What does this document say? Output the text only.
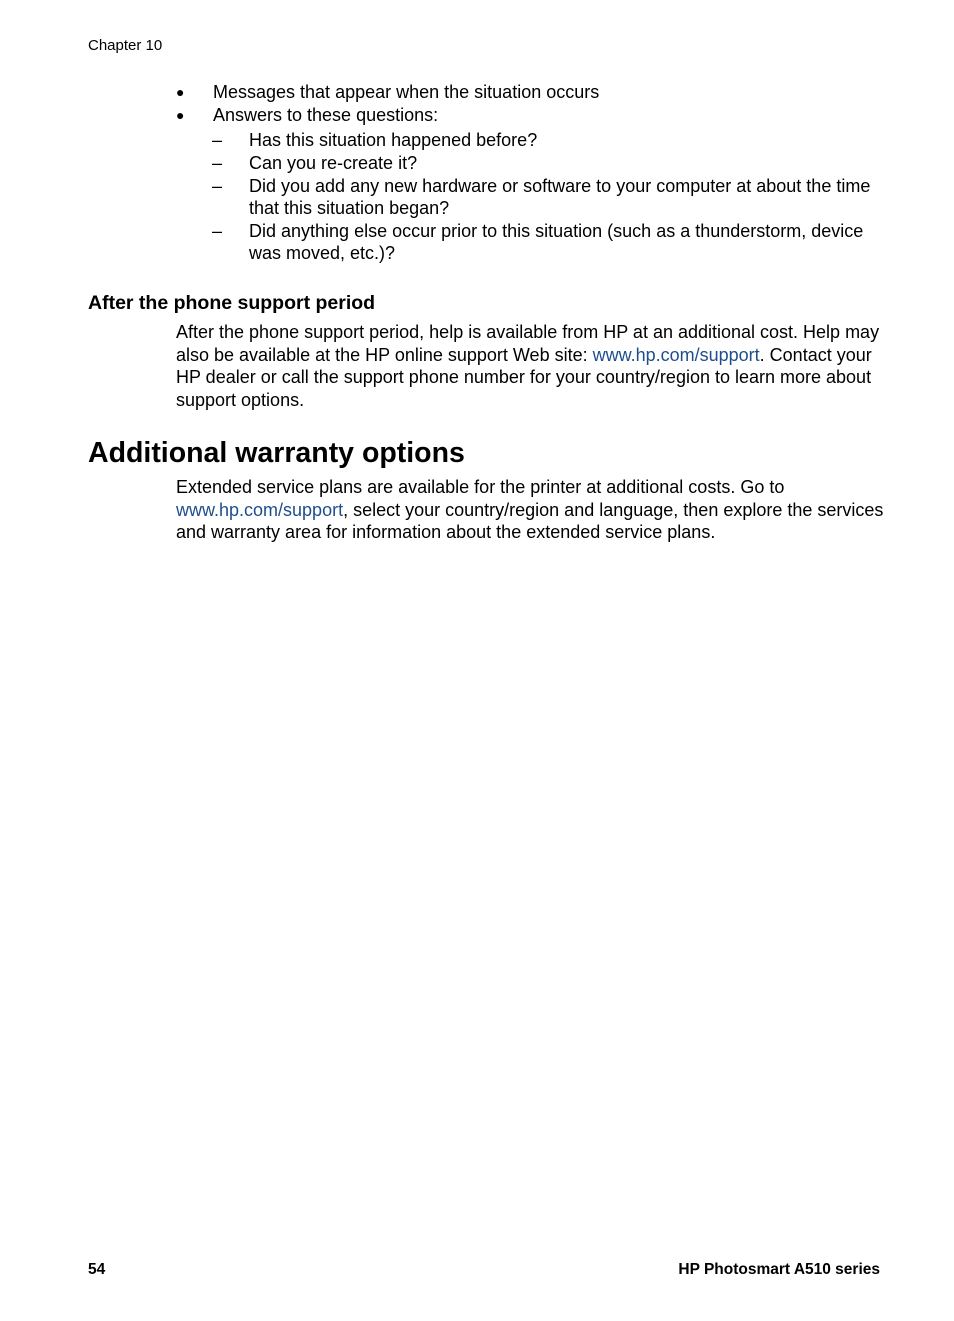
Chapter 10
●	Messages that appear when the situation occurs
●	Answers to these questions:
–	Has this situation happened before?
–	Can you re-create it?
–	Did you add any new hardware or software to your computer at about the time that this situation began?
–	Did anything else occur prior to this situation (such as a thunderstorm, device was moved, etc.)?
After the phone support period
After the phone support period, help is available from HP at an additional cost. Help may also be available at the HP online support Web site: www.hp.com/support. Contact your HP dealer or call the support phone number for your country/region to learn more about support options.
Additional warranty options
Extended service plans are available for the printer at additional costs. Go to www.hp.com/support, select your country/region and language, then explore the services and warranty area for information about the extended service plans.
54	HP Photosmart A510 series
